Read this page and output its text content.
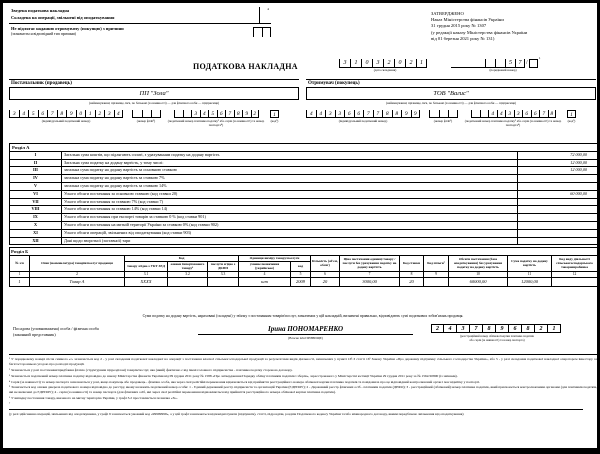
Зведена податкова накладна
Складена на операції, звільнені від оподаткування
4
Не підлягає наданню отримувачу (покупцю) з причини
(зазначається відповідний тип причини)
ЗАТВЕРДЖЕНО
Наказ Міністерства фінансів України
31 грудня 2015 року № 1307
(у редакції наказу Міністерства фінансів України
від 01 березня 2021 року № 131)
ПОДАТКОВА НАКЛАДНА	3	1	0	3	2	0	2	1
(дата складання)
5	7 /
1
(порядковий номер)
Постачальник (продавець)
ПП "Зола"
(найменування; прізвище, ім'я, по батькові (за наявності) — для фізичної особи — підприємця)
3	4	5	6	7	8	9	0	1	2	3	4
(індивідуальний податковий номер)	(номер філії²)
3	4	5	6	7	8	9 2
(податковий номер платника податку³ або серія (за наявності) та номер паспорта⁴)
1
(код⁵)
Отримувач (покупець)
ТОВ "Вагис"
(найменування; прізвище, ім'я, по батькові (за наявності) — для фізичної особи — підприємця)
4	4	3	3	6	6	7	7	8	8	9	9
(індивідуальний податковий номер)	(номер філії²)
4	4	3	3	6	6	7 8
(податковий номер платника податку³ або серія (за наявності) та номер паспорта⁴)
1
(код⁵)
Розділ А		
I	Загальна сума коштів, що підлягають сплаті, з урахуванням податку на додану вартість	72 000,00
II	Загальна сума податку на додану вартість, у тому числі:	12 000,00
III	загальна сума податку на додану вартість за основною ставкою	12 000,00
IV	загальна сума податку на додану вартість за ставкою 7%	
V	загальна сума податку на додану вартість за ставкою 14%	
VI	Усього обсяги постачання за основною ставкою (код ставки 20)	60 000,00
VII	Усього обсяги постачання за ставкою 7% (код ставки 7)	
VIII	Усього обсяги постачання за ставкою 14% (код ставки 14)	
IX	Усього обсяги постачання при експорті товарів за ставкою 0 % (код ставки 901)	
X	Усього обсяги постачання на митній території України за ставкою 0% (код ставки 902)	
XI	Усього обсяги операцій, звільнених від оподаткування (код ставки 903)	
XII	Дані щодо зворотної (заставної) тари	
Розділ Б													
№ з/п	Опис (номенклатура) товарів/послуг продавця	Код			Одиниця виміру товару/послуги		Кількість (об'єм, обсяг)	Ціна постачання одиниці товару / послуги без урахування податку на додану вартість	Код ставки	Код пільги⁷	Обсяги постачання (база оподаткування) без урахування податку на додану вартість	Сума податку на додану вартість	Код виду діяльності сільськогосподарського товаровиробника
		товару згідно з УКТ ЗЕД	ознаки імпортованого товару⁶	послуги згідно з ДКПП	умовне позначення (українське)	код							
1	2	3.1	3.2	3.3	4	5	6	7	8	9	10	11	12
1	Товар А	ХХХХ			шт	2009	20	3000,00	20		60000,00	12000,00	
Суми податку на додану вартість, нараховані (складені) у зв'язку з постачанням товарів/послуг, зазначених у цій накладній, визначені правильно, відповідають сумі податкових зобов'язань продавця.
Посадова (уповноважена) особа / фізична особа
(законний представник)
Ірина ПОНОМАРЕНКО
(Власне ім'я ПРІЗВИЩЕ)
2	4	3	7	8	9	6	8	2	1
(реєстраційний номер облікової картки платника податків
або серія (за наявності) та номер паспорта)

¹ У порядковому номері після символа «/» зазначається код 2 - у разі складення податкової накладної на операції з постачання власної сільськогосподарської продукції за результатами видів діяльності, визначених у пункті 16¹.3 статті 16¹ Закону України «Про державну підтримку сільського господарства України», або 5 - у разі складання податкової накладної оператором інвестору за багатосторонньою угодою про розподіл продукції.

² Зазначається у разі постачання/придбання філією (структурним підрозділом) товарів/послуг, яка (який) фактично є від імені головного підприємства - платника податку стороною договору.

³ Зазначається податковий номер платника податку відповідно до наказу Міністерства фінансів України від 09 грудня 2011 року № 1588 «Про затвердження Порядку обліку платників податків і зборів», зареєстрованого у Міністерстві юстиції України 29 грудня 2011 року за № 1562/20800 (із змінами).

⁴ Серія (за наявності) та номер паспорта зазначаються у разі, якщо покупець або продавець - фізична особа, яка через свої релігійні переконання відмовляється від прийняття реєстраційного номера облікової картки платника податків та повідомила про це відповідний контролюючий орган і має відмітку у паспорті.

⁵ Зазначається код ознаки джерела податкового номера відповідно до реєстру, якому належить податковий номер особи: 1 - Єдиний державний реєстр підприємств та організацій України (ЄДРПОУ); 2 - Державний реєстр фізичних осіб - платників податків (ДРФО); 3 - реєстраційний (обліковий) номер платника податків, який присвоюється контролюючими органами (для платників податків, які не включені до ЄДРПОУ); 4 - серія (за наявності) та номер паспорта (для фізичних осіб, які через свої релігійні переконання відмовляються від прийняття реєстраційного номера облікової картки платника податків).

⁶ У випадку постачання товару, ввезеного на митну територію України, у графі 3.2 проставляється позначка «Х».

⁷

(у разі здійснення операцій, звільнених від оподаткування, у графі 9 зазначається умовний код «99999999», а у цій графі зазначаються відповідні пункти (підпункти), статті, підрозділи, розділи Податкового кодексу України та/або міжнародного договору, якими передбачено звільнення від оподаткування)
